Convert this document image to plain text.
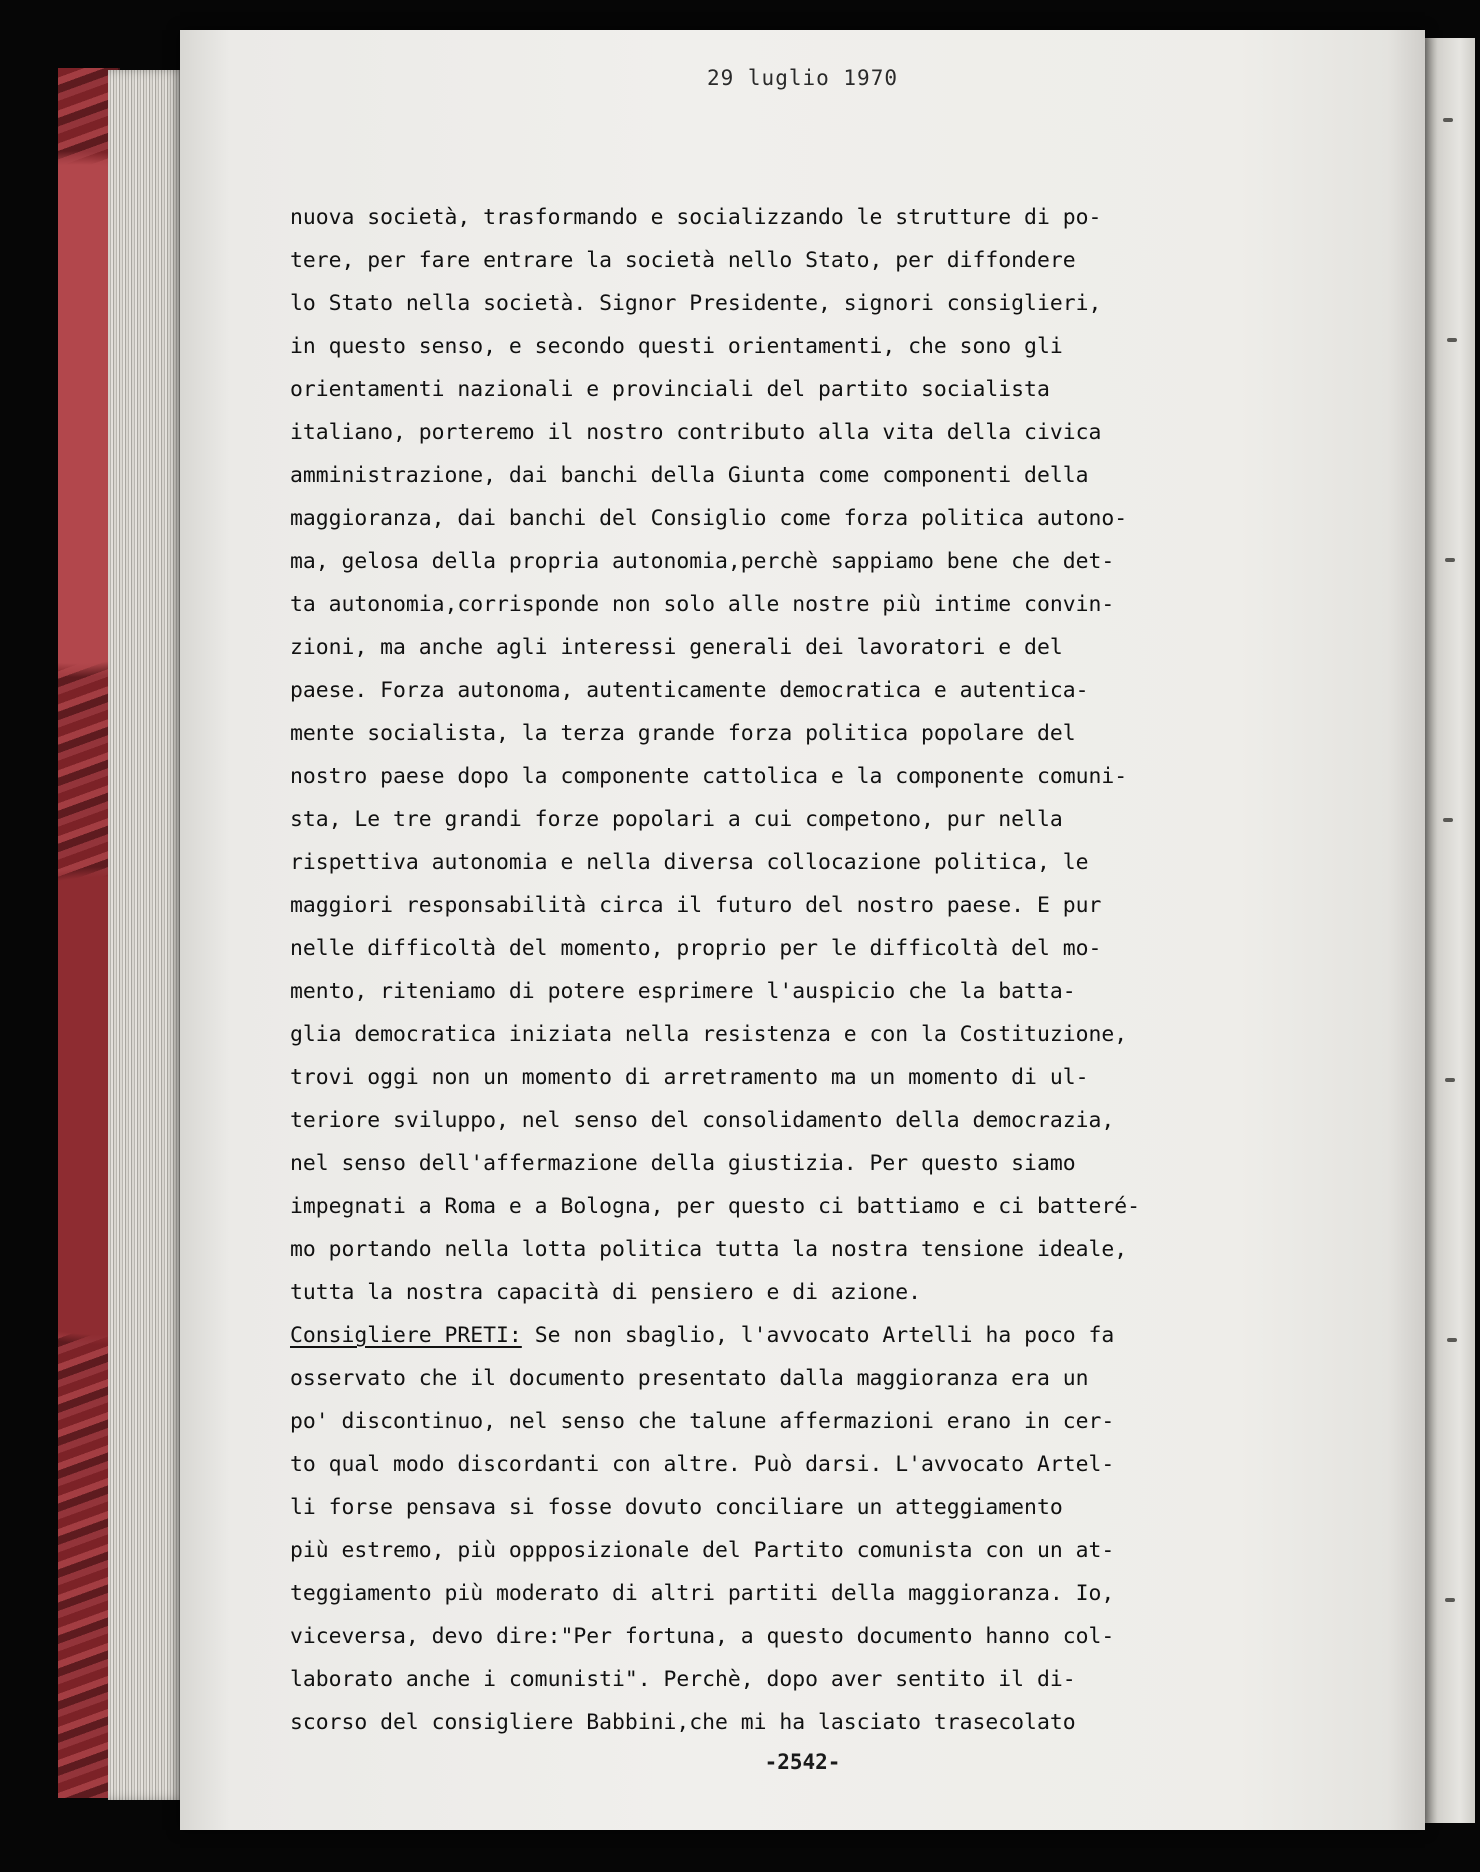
29 luglio 1970
nuova società, trasformando e socializzando le strutture di po-
tere, per fare entrare la società nello Stato, per diffondere
lo Stato nella società. Signor Presidente, signori consiglieri,
in questo senso, e secondo questi orientamenti, che sono gli
orientamenti nazionali e provinciali del partito socialista
italiano, porteremo il nostro contributo alla vita della civica
amministrazione, dai banchi della Giunta come componenti della
maggioranza, dai banchi del Consiglio come forza politica autono-
ma, gelosa della propria autonomia,perchè sappiamo bene che det-
ta autonomia,corrisponde non solo alle nostre più intime convin-
zioni, ma anche agli interessi generali dei lavoratori e del
paese. Forza autonoma, autenticamente democratica e autentica-
mente socialista, la terza grande forza politica popolare del
nostro paese dopo la componente cattolica e la componente comuni-
sta, Le tre grandi forze popolari a cui competono, pur nella
rispettiva autonomia e nella diversa collocazione politica, le
maggiori responsabilità circa il futuro del nostro paese. E pur
nelle difficoltà del momento, proprio per le difficoltà del mo-
mento, riteniamo di potere esprimere l'auspicio che la batta-
glia democratica iniziata nella resistenza e con la Costituzione,
trovi oggi non un momento di arretramento ma un momento di ul-
teriore sviluppo, nel senso del consolidamento della democrazia,
nel senso dell'affermazione della giustizia. Per questo siamo
impegnati a Roma e a Bologna, per questo ci battiamo e ci batteré-
mo portando nella lotta politica tutta la nostra tensione ideale,
tutta la nostra capacità di pensiero e di azione.
Consigliere PRETI: Se non sbaglio, l'avvocato Artelli ha poco fa
osservato che il documento presentato dalla maggioranza era un
po' discontinuo, nel senso che talune affermazioni erano in cer-
to qual modo discordanti con altre. Può darsi. L'avvocato Artel-
li forse pensava si fosse dovuto conciliare un atteggiamento
più estremo, più oppposizionale del Partito comunista con un at-
teggiamento più moderato di altri partiti della maggioranza. Io,
viceversa, devo dire:"Per fortuna, a questo documento hanno col-
laborato anche i comunisti". Perchè, dopo aver sentito il di-
scorso del consigliere Babbini,che mi ha lasciato trasecolato
-2542-
